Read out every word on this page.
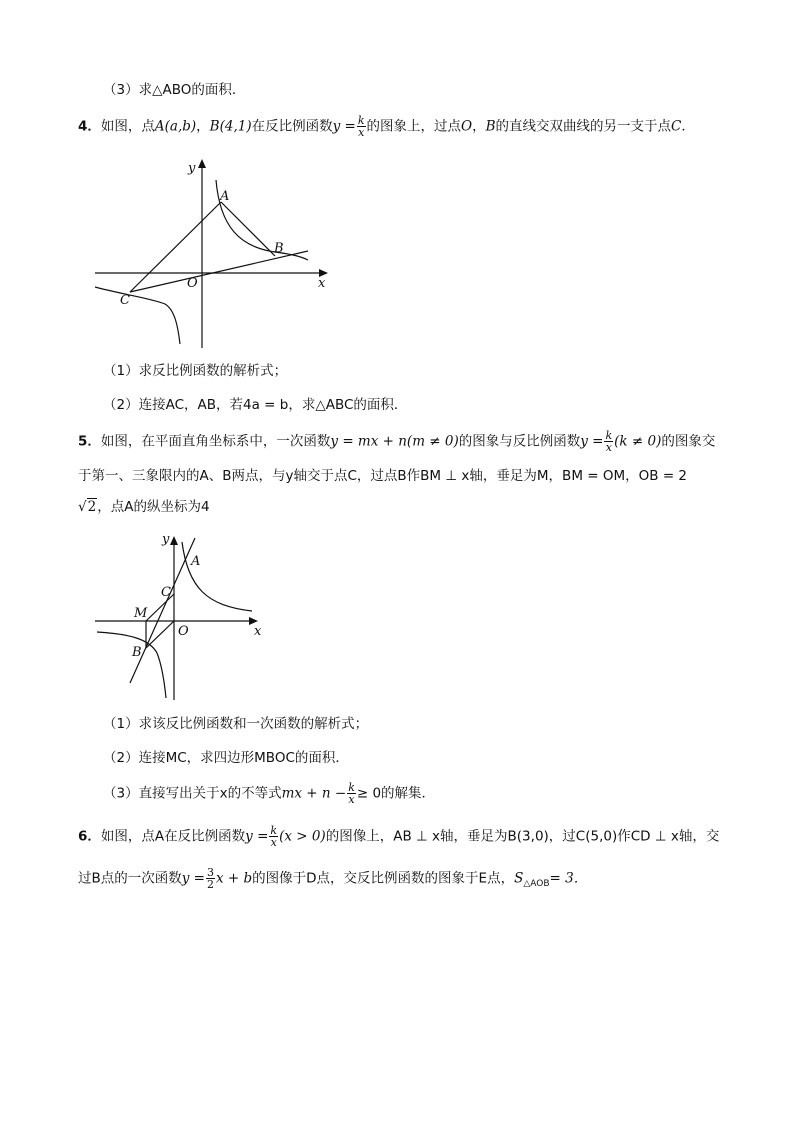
（3）求△ABO的面积．
4．如图，点A(a,b)，B(4,1)在反比例函数$y = \frac{k}{x}$ 的图象上，过点O，B的直线交双曲线的另一支于点C．
A
B
C
O
y
x
（1）求反比例函数的解析式；
（2）连接AC，AB，若4a = b，求△ABC的面积．
5．如图，在平面直角坐标系中，一次函数y = mx + n(m ≠ 0)的图象与反比例函数$y = \frac{k}{x} (k \ne 0)$的图象交
于第一、三象限内的A、B两点，与y轴交于点C，过点B作BM ⊥ x轴，垂足为M，BM = OM，OB = 2
√2，点A的纵坐标为4
A
C
M
O
B
y
x
（1）求该反比例函数和一次函数的解析式；
（2）连接MC，求四边形MBOC的面积．
（3）直接写出关于x的不等式mx + $n - \frac{k}{x} \ge 0$的解集．
6．如图，点A在反比例函数$y = \frac{k}{x} (x > 0)$的图像上，AB ⊥ x轴，垂足为B(3,0)，过C(5,0)作CD ⊥ x轴，交
过B点的一次函数$y = \frac{3}{2}$ x + b的图像于D点，交反比例函数的图象于E点，$S_{\triangle AOB}= 3$．
